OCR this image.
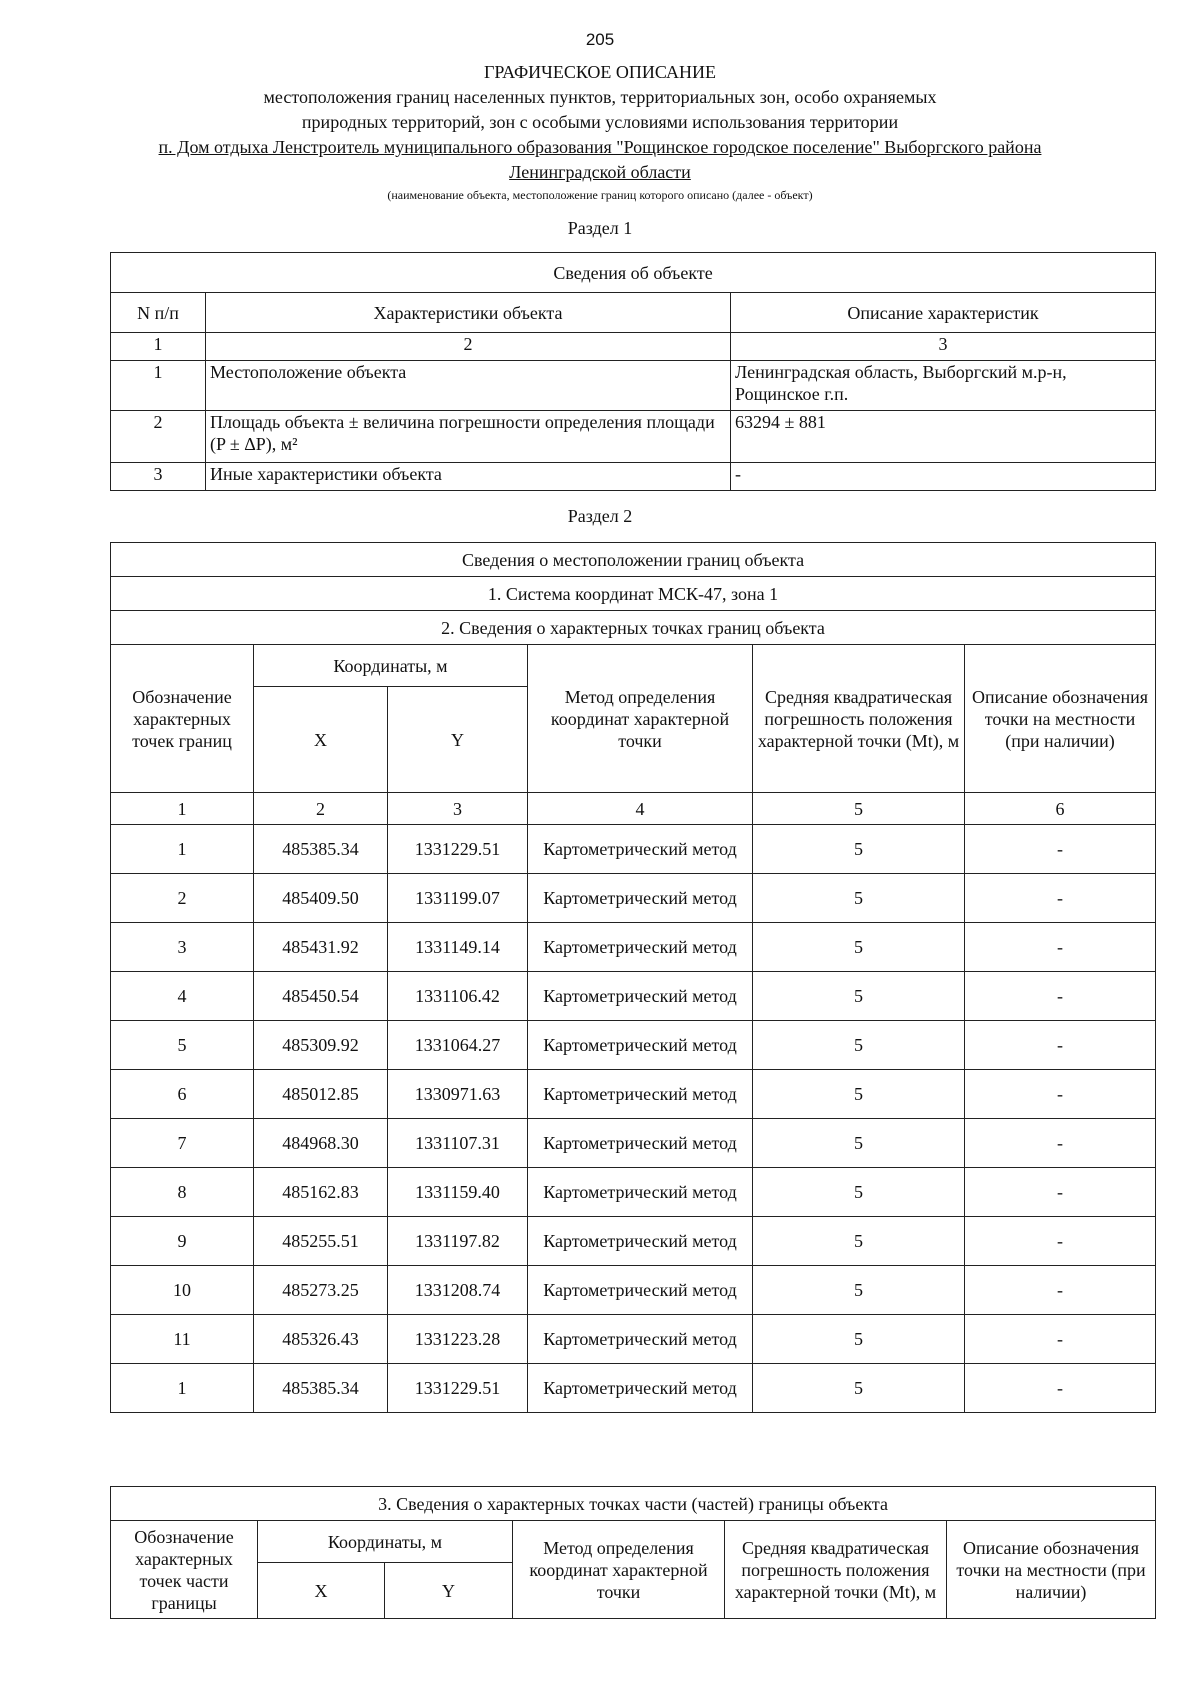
205
ГРАФИЧЕСКОЕ ОПИСАНИЕ
местоположения границ населенных пунктов, территориальных зон, особо охраняемых
природных территорий, зон с особыми условиями использования территории
п. Дом отдыха Ленстроитель муниципального образования "Рощинское городское поселение" Выборгского района
Ленинградской области
(наименование объекта, местоположение границ которого описано (далее - объект)
Раздел 1
Сведения об объекте		
N п/п	Характеристики объекта	Описание характеристик
1	2	3
1	Местоположение объекта	Ленинградская область, Выборгский м.р-н, Рощинское г.п.
2	Площадь объекта ± величина погрешности определения площади (P ± ΔP), м²	63294 ± 881
3	Иные характеристики объекта	-
Раздел 2
Сведения о местоположении границ объекта					
1. Система координат МСК-47, зона 1					
2. Сведения о характерных точках границ объекта					
Обозначение характерных точек границ	Координаты, м		Метод определения координат характерной точки	Средняя квадратическая погрешность положения характерной точки (Mt), м	Описание обозначения точки на местности (при наличии)
	X	Y			
1	2	3	4	5	6
1	485385.34	1331229.51	Картометрический метод	5	-
2	485409.50	1331199.07	Картометрический метод	5	-
3	485431.92	1331149.14	Картометрический метод	5	-
4	485450.54	1331106.42	Картометрический метод	5	-
5	485309.92	1331064.27	Картометрический метод	5	-
6	485012.85	1330971.63	Картометрический метод	5	-
7	484968.30	1331107.31	Картометрический метод	5	-
8	485162.83	1331159.40	Картометрический метод	5	-
9	485255.51	1331197.82	Картометрический метод	5	-
10	485273.25	1331208.74	Картометрический метод	5	-
11	485326.43	1331223.28	Картометрический метод	5	-
1	485385.34	1331229.51	Картометрический метод	5	-
3. Сведения о характерных точках части (частей) границы объекта					
Обозначение характерных точек части границы	Координаты, м		Метод определения координат характерной точки	Средняя квадратическая погрешность положения характерной точки (Mt), м	Описание обозначения точки на местности (при наличии)
	X	Y			
